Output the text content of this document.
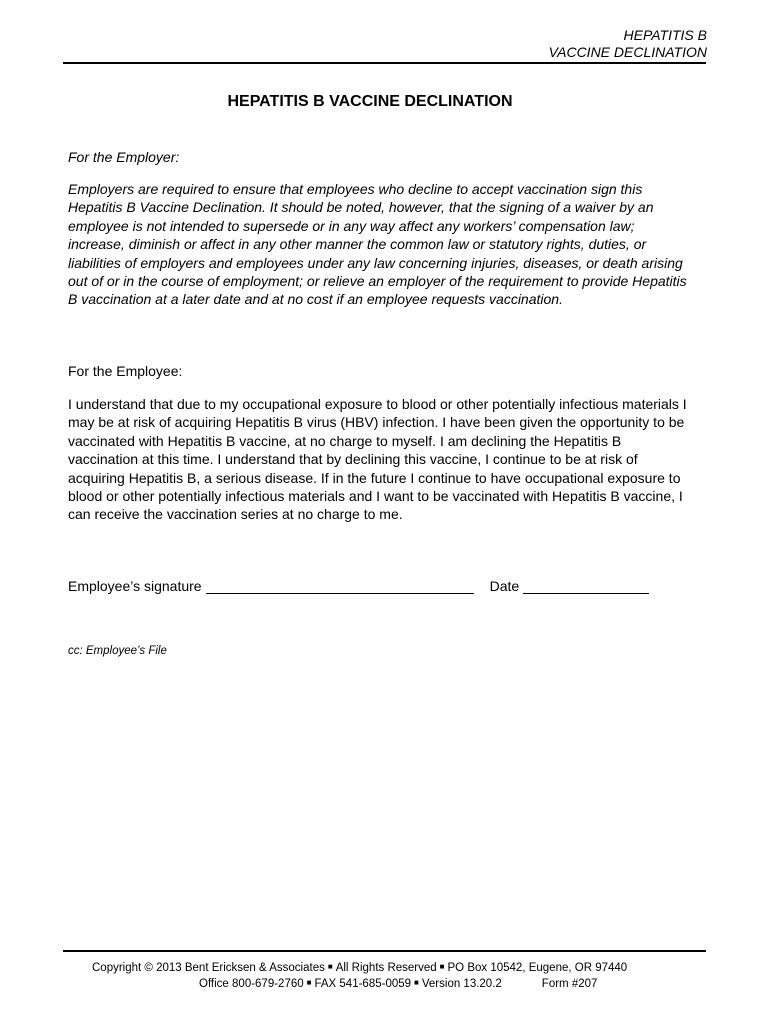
HEPATITIS B
VACCINE DECLINATION
HEPATITIS B VACCINE DECLINATION
For the Employer:
Employers are required to ensure that employees who decline to accept vaccination sign this Hepatitis B Vaccine Declination. It should be noted, however, that the signing of a waiver by an employee is not intended to supersede or in any way affect any workers’ compensation law; increase, diminish or affect in any other manner the common law or statutory rights, duties, or liabilities of employers and employees under any law concerning injuries, diseases, or death arising out of or in the course of employment; or relieve an employer of the requirement to provide Hepatitis B vaccination at a later date and at no cost if an employee requests vaccination.
For the Employee:
I understand that due to my occupational exposure to blood or other potentially infectious materials I may be at risk of acquiring Hepatitis B virus (HBV) infection. I have been given the opportunity to be vaccinated with Hepatitis B vaccine, at no charge to myself. I am declining the Hepatitis B vaccination at this time. I understand that by declining this vaccine, I continue to be at risk of acquiring Hepatitis B, a serious disease. If in the future I continue to have occupational exposure to blood or other potentially infectious materials and I want to be vaccinated with Hepatitis B vaccine, I can receive the vaccination series at no charge to me.
Employee’s signature	Date
cc: Employee’s File
Copyright © 2013 Bent Ericksen & Associates ■ All Rights Reserved ■ PO Box 10542, Eugene, OR 97440
Office 800-679-2760 ■ FAX 541-685-0059 ■ Version 13.20.2	Form #207
